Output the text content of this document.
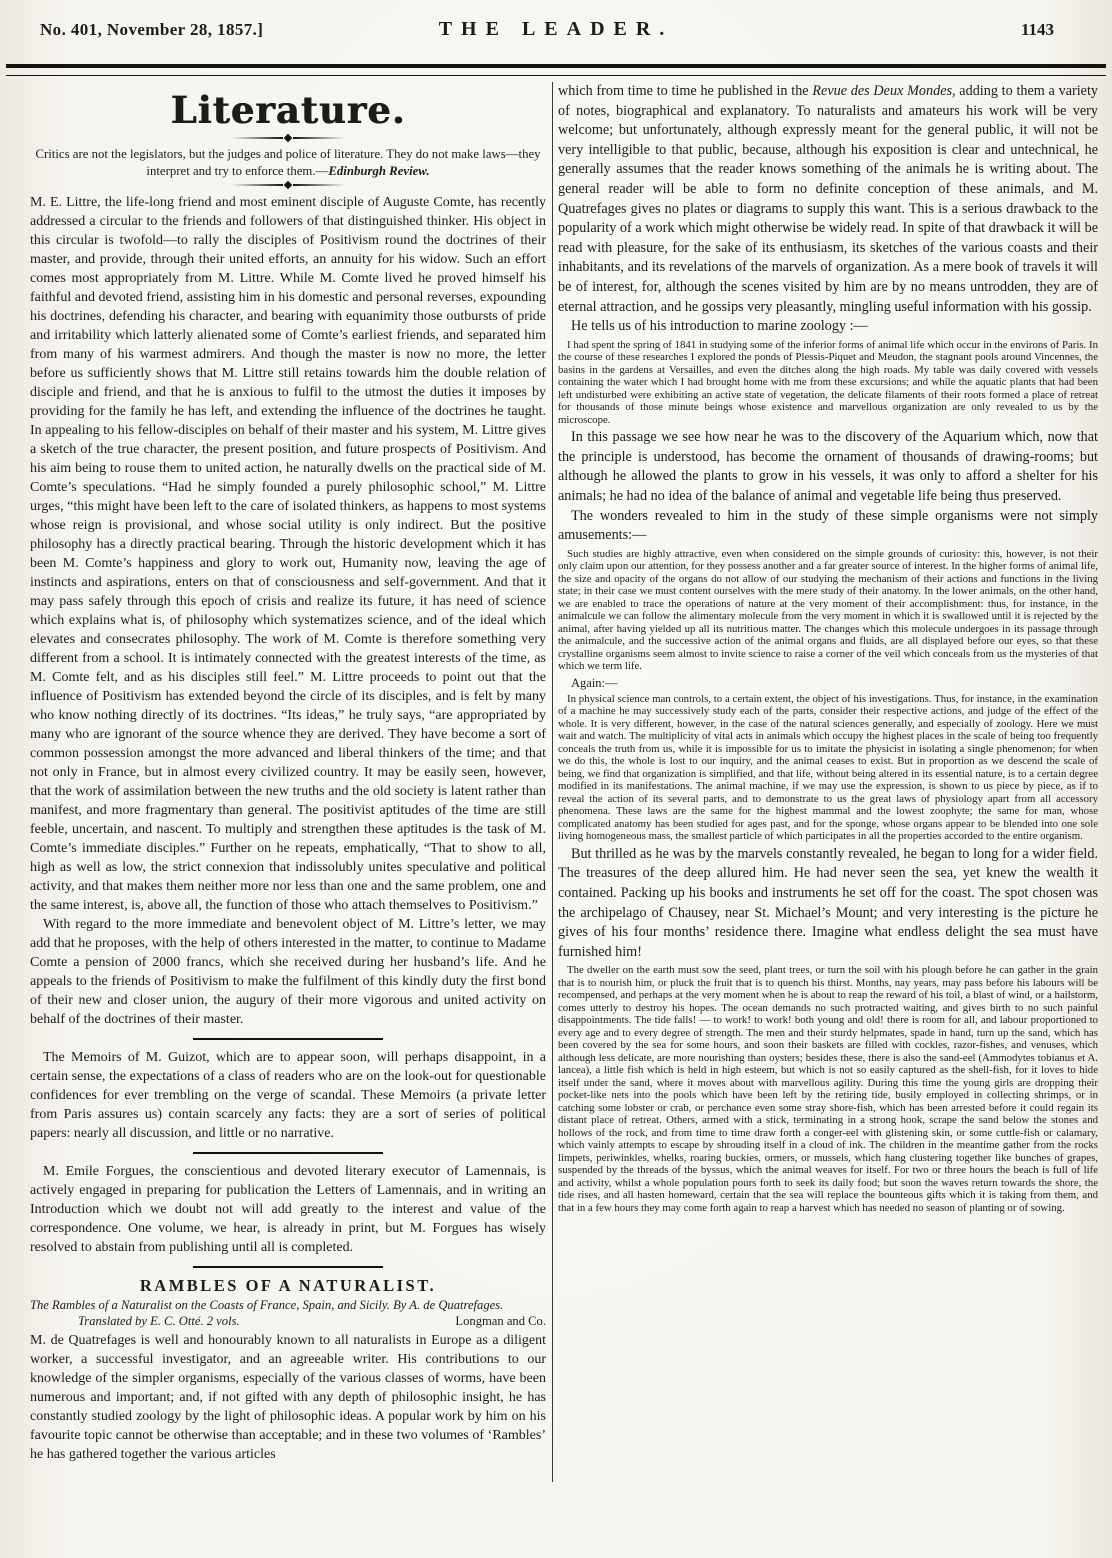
No. 401, November 28, 1857.]	THE LEADER.	1143
Literature.
Critics are not the legislators, but the judges and police of literature. They do not make laws—they interpret and try to enforce them.—Edinburgh Review.

M. E. Littre, the life-long friend and most eminent disciple of Auguste Comte, has recently addressed a circular to the friends and followers of that distinguished thinker. His object in this circular is twofold—to rally the disciples of Positivism round the doctrines of their master, and provide, through their united efforts, an annuity for his widow. Such an effort comes most appropriately from M. Littre. While M. Comte lived he proved himself his faithful and devoted friend, assisting him in his domestic and personal reverses, expounding his doctrines, defending his character, and bearing with equanimity those outbursts of pride and irritability which latterly alienated some of Comte’s earliest friends, and separated him from many of his warmest admirers. And though the master is now no more, the letter before us sufficiently shows that M. Littre still retains towards him the double relation of disciple and friend, and that he is anxious to fulfil to the utmost the duties it imposes by providing for the family he has left, and extending the influence of the doctrines he taught. In appealing to his fellow-disciples on behalf of their master and his system, M. Littre gives a sketch of the true character, the present position, and future prospects of Positivism. And his aim being to rouse them to united action, he naturally dwells on the practical side of M. Comte’s speculations. “Had he simply founded a purely philosophic school,” M. Littre urges, “this might have been left to the care of isolated thinkers, as happens to most systems whose reign is provisional, and whose social utility is only indirect. But the positive philosophy has a directly practical bearing. Through the historic development which it has been M. Comte’s happiness and glory to work out, Humanity now, leaving the age of instincts and aspirations, enters on that of consciousness and self-government. And that it may pass safely through this epoch of crisis and realize its future, it has need of science which explains what is, of philosophy which systematizes science, and of the ideal which elevates and consecrates philosophy. The work of M. Comte is therefore something very different from a school. It is intimately connected with the greatest interests of the time, as M. Comte felt, and as his disciples still feel.” M. Littre proceeds to point out that the influence of Positivism has extended beyond the circle of its disciples, and is felt by many who know nothing directly of its doctrines. “Its ideas,” he truly says, “are appropriated by many who are ignorant of the source whence they are derived. They have become a sort of common possession amongst the more advanced and liberal thinkers of the time; and that not only in France, but in almost every civilized country. It may be easily seen, however, that the work of assimilation between the new truths and the old society is latent rather than manifest, and more fragmentary than general. The positivist aptitudes of the time are still feeble, uncertain, and nascent. To multiply and strengthen these aptitudes is the task of M. Comte’s immediate disciples.” Further on he repeats, emphatically, “That to show to all, high as well as low, the strict connexion that indissolubly unites speculative and political activity, and that makes them neither more nor less than one and the same problem, one and the same interest, is, above all, the function of those who attach themselves to Positivism.”

With regard to the more immediate and benevolent object of M. Littre’s letter, we may add that he proposes, with the help of others interested in the matter, to continue to Madame Comte a pension of 2000 francs, which she received during her husband’s life. And he appeals to the friends of Positivism to make the fulfilment of this kindly duty the first bond of their new and closer union, the augury of their more vigorous and united activity on behalf of the doctrines of their master.

The Memoirs of M. Guizot, which are to appear soon, will perhaps disappoint, in a certain sense, the expectations of a class of readers who are on the look-out for questionable confidences for ever trembling on the verge of scandal. These Memoirs (a private letter from Paris assures us) contain scarcely any facts: they are a sort of series of political papers: nearly all discussion, and little or no narrative.

M. Emile Forgues, the conscientious and devoted literary executor of Lamennais, is actively engaged in preparing for publication the Letters of Lamennais, and in writing an Introduction which we doubt not will add greatly to the interest and value of the correspondence. One volume, we hear, is already in print, but M. Forgues has wisely resolved to abstain from publishing until all is completed.

RAMBLES OF A NATURALIST.
The Rambles of a Naturalist on the Coasts of France, Spain, and Sicily. By A. de Quatrefages. Translated by E. C. Otté. 2 vols.	Longman and Co.

M. de Quatrefages is well and honourably known to all naturalists in Europe as a diligent worker, a successful investigator, and an agreeable writer. His contributions to our knowledge of the simpler organisms, especially of the various classes of worms, have been numerous and important; and, if not gifted with any depth of philosophic insight, he has constantly studied zoology by the light of philosophic ideas. A popular work by him on his favourite topic cannot be otherwise than acceptable; and in these two volumes of ‘Rambles’ he has gathered together the various articles

which from time to time he published in the Revue des Deux Mondes, adding to them a variety of notes, biographical and explanatory. To naturalists and amateurs his work will be very welcome; but unfortunately, although expressly meant for the general public, it will not be very intelligible to that public, because, although his exposition is clear and untechnical, he generally assumes that the reader knows something of the animals he is writing about. The general reader will be able to form no definite conception of these animals, and M. Quatrefages gives no plates or diagrams to supply this want. This is a serious drawback to the popularity of a work which might otherwise be widely read. In spite of that drawback it will be read with pleasure, for the sake of its enthusiasm, its sketches of the various coasts and their inhabitants, and its revelations of the marvels of organization. As a mere book of travels it will be of interest, for, although the scenes visited by him are by no means untrodden, they are of eternal attraction, and he gossips very pleasantly, mingling useful information with his gossip.

He tells us of his introduction to marine zoology :—

I had spent the spring of 1841 in studying some of the inferior forms of animal life which occur in the environs of Paris. In the course of these researches I explored the ponds of Plessis-Piquet and Meudon, the stagnant pools around Vincennes, the basins in the gardens at Versailles, and even the ditches along the high roads. My table was daily covered with vessels containing the water which I had brought home with me from these excursions; and while the aquatic plants that had been left undisturbed were exhibiting an active state of vegetation, the delicate filaments of their roots formed a place of retreat for thousands of those minute beings whose existence and marvellous organization are only revealed to us by the microscope.

In this passage we see how near he was to the discovery of the Aquarium which, now that the principle is understood, has become the ornament of thousands of drawing-rooms; but although he allowed the plants to grow in his vessels, it was only to afford a shelter for his animals; he had no idea of the balance of animal and vegetable life being thus preserved.

The wonders revealed to him in the study of these simple organisms were not simply amusements:—

Such studies are highly attractive, even when considered on the simple grounds of curiosity: this, however, is not their only claim upon our attention, for they possess another and a far greater source of interest. In the higher forms of animal life, the size and opacity of the organs do not allow of our studying the mechanism of their actions and functions in the living state; in their case we must content ourselves with the mere study of their anatomy. In the lower animals, on the other hand, we are enabled to trace the operations of nature at the very moment of their accomplishment: thus, for instance, in the animalcule we can follow the alimentary molecule from the very moment in which it is swallowed until it is rejected by the animal, after having yielded up all its nutritious matter. The changes which this molecule undergoes in its passage through the animalcule, and the successive action of the animal organs and fluids, are all displayed before our eyes, so that these crystalline organisms seem almost to invite science to raise a corner of the veil which conceals from us the mysteries of that which we term life.

Again:—

In physical science man controls, to a certain extent, the object of his investigations. Thus, for instance, in the examination of a machine he may successively study each of the parts, consider their respective actions, and judge of the effect of the whole. It is very different, however, in the case of the natural sciences generally, and especially of zoology. Here we must wait and watch. The multiplicity of vital acts in animals which occupy the highest places in the scale of being too frequently conceals the truth from us, while it is impossible for us to imitate the physicist in isolating a single phenomenon; for when we do this, the whole is lost to our inquiry, and the animal ceases to exist. But in proportion as we descend the scale of being, we find that organization is simplified, and that life, without being altered in its essential nature, is to a certain degree modified in its manifestations. The animal machine, if we may use the expression, is shown to us piece by piece, as if to reveal the action of its several parts, and to demonstrate to us the great laws of physiology apart from all accessory phenomena. These laws are the same for the highest mammal and the lowest zoophyte; the same for man, whose complicated anatomy has been studied for ages past, and for the sponge, whose organs appear to be blended into one sole living homogeneous mass, the smallest particle of which participates in all the properties accorded to the entire organism.

But thrilled as he was by the marvels constantly revealed, he began to long for a wider field. The treasures of the deep allured him. He had never seen the sea, yet knew the wealth it contained. Packing up his books and instruments he set off for the coast. The spot chosen was the archipelago of Chausey, near St. Michael’s Mount; and very interesting is the picture he gives of his four months’ residence there. Imagine what endless delight the sea must have furnished him!

The dweller on the earth must sow the seed, plant trees, or turn the soil with his plough before he can gather in the grain that is to nourish him, or pluck the fruit that is to quench his thirst. Months, nay years, may pass before his labours will be recompensed, and perhaps at the very moment when he is about to reap the reward of his toil, a blast of wind, or a hailstorm, comes utterly to destroy his hopes. The ocean demands no such protracted waiting, and gives birth to no such painful disappointments. The tide falls! — to work! to work! both young and old! there is room for all, and labour proportioned to every age and to every degree of strength. The men and their sturdy helpmates, spade in hand, turn up the sand, which has been covered by the sea for some hours, and soon their baskets are filled with cockles, razor-fishes, and venuses, which although less delicate, are more nourishing than oysters; besides these, there is also the sand-eel (Ammodytes tobianus et A. lancea), a little fish which is held in high esteem, but which is not so easily captured as the shell-fish, for it loves to hide itself under the sand, where it moves about with marvellous agility. During this time the young girls are dropping their pocket-like nets into the pools which have been left by the retiring tide, busily employed in collecting shrimps, or in catching some lobster or crab, or perchance even some stray shore-fish, which has been arrested before it could regain its distant place of retreat. Others, armed with a stick, terminating in a strong hook, scrape the sand below the stones and hollows of the rock, and from time to time draw forth a conger-eel with glistening skin, or some cuttle-fish or calamary, which vainly attempts to escape by shrouding itself in a cloud of ink. The children in the meantime gather from the rocks limpets, periwinkles, whelks, roaring buckies, ormers, or mussels, which hang clustering together like bunches of grapes, suspended by the threads of the byssus, which the animal weaves for itself. For two or three hours the beach is full of life and activity, whilst a whole population pours forth to seek its daily food; but soon the waves return towards the shore, the tide rises, and all hasten homeward, certain that the sea will replace the bounteous gifts which it is taking from them, and that in a few hours they may come forth again to reap a harvest which has needed no season of planting or of sowing.
